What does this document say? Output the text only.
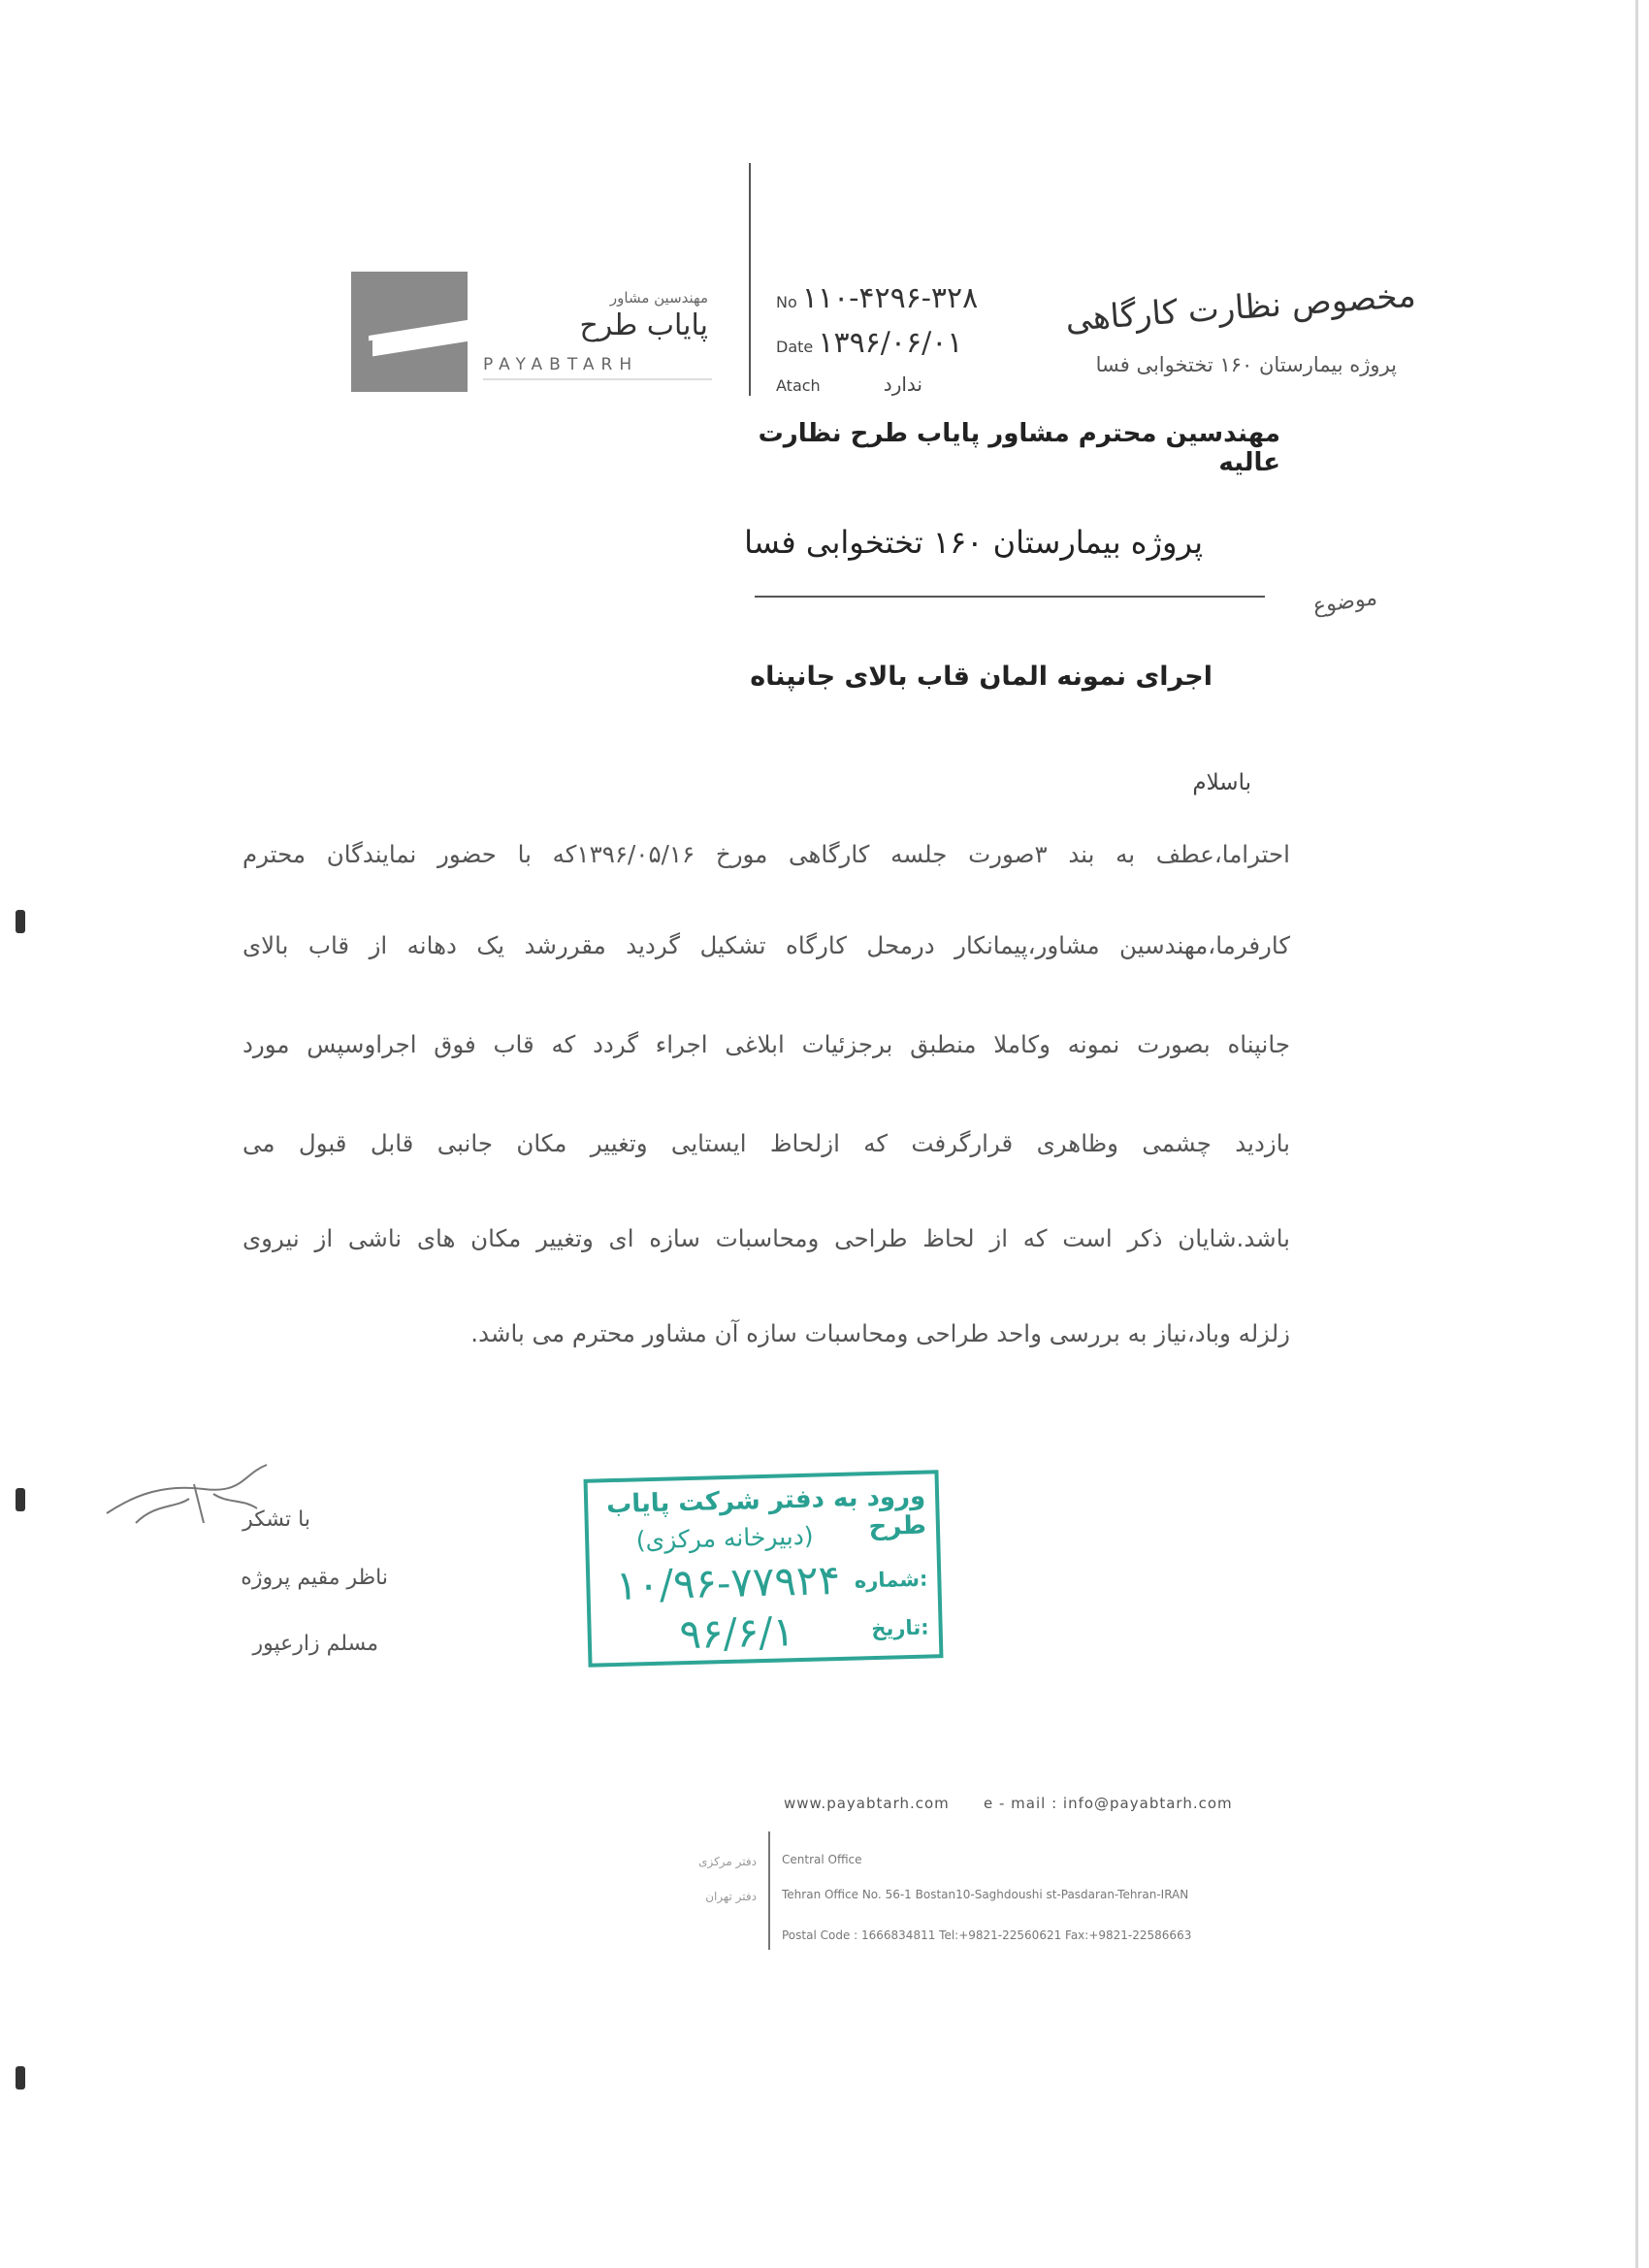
مهندسین مشاور
پایاب طرح
PAYABTARH
No ۱۱۰-۴۲۹۶-۳۲۸
Date ۱۳۹۶/۰۶/۰۱
Atach	ندارد
مخصوص نظارت کارگاهی
پروژه بیمارستان ۱۶۰ تختخوابی فسا
مهندسین محترم مشاور پایاب طرح نظارت عالیه
پروژه بیمارستان ۱۶۰ تختخوابی فسا
موضوع
اجرای نمونه المان قاب بالای جانپناه
باسلام
احتراما،عطف به بند ۳صورت جلسه کارگاهی مورخ ۱۳۹۶/۰۵/۱۶که با حضور نمایندگان محترم
کارفرما،مهندسین مشاور،پیمانکار درمحل کارگاه تشکیل گردید مقررشد یک دهانه از قاب بالای
جانپناه بصورت نمونه وکاملا منطبق برجزئیات ابلاغی اجراء گردد که قاب فوق اجراوسپس مورد
بازدید چشمی وظاهری قرارگرفت که ازلحاظ ایستایی وتغییر مکان جانبی قابل قبول می
باشد.شایان ذکر است که از لحاظ طراحی ومحاسبات سازه ای وتغییر مکان های ناشی از نیروی
زلزله وباد،نیاز به بررسی واحد طراحی ومحاسبات سازه آن مشاور محترم می باشد.
با تشکر
ناظر مقیم پروژه
مسلم زارعپور
ورود به دفتر شرکت پایاب طرح
(دبیرخانه مرکزی)
شماره:
۱۰/۹۶-۷۷۹۲۴
تاریخ:
۹۶/۶/۱
www.payabtarh.com e - mail : info@payabtarh.com
Central Office
Tehran Office No. 56-1 Bostan10-Saghdoushi st-Pasdaran-Tehran-IRAN
Postal Code : 1666834811 Tel:+9821-22560621 Fax:+9821-22586663
دفتر مرکزی
دفتر تهران
